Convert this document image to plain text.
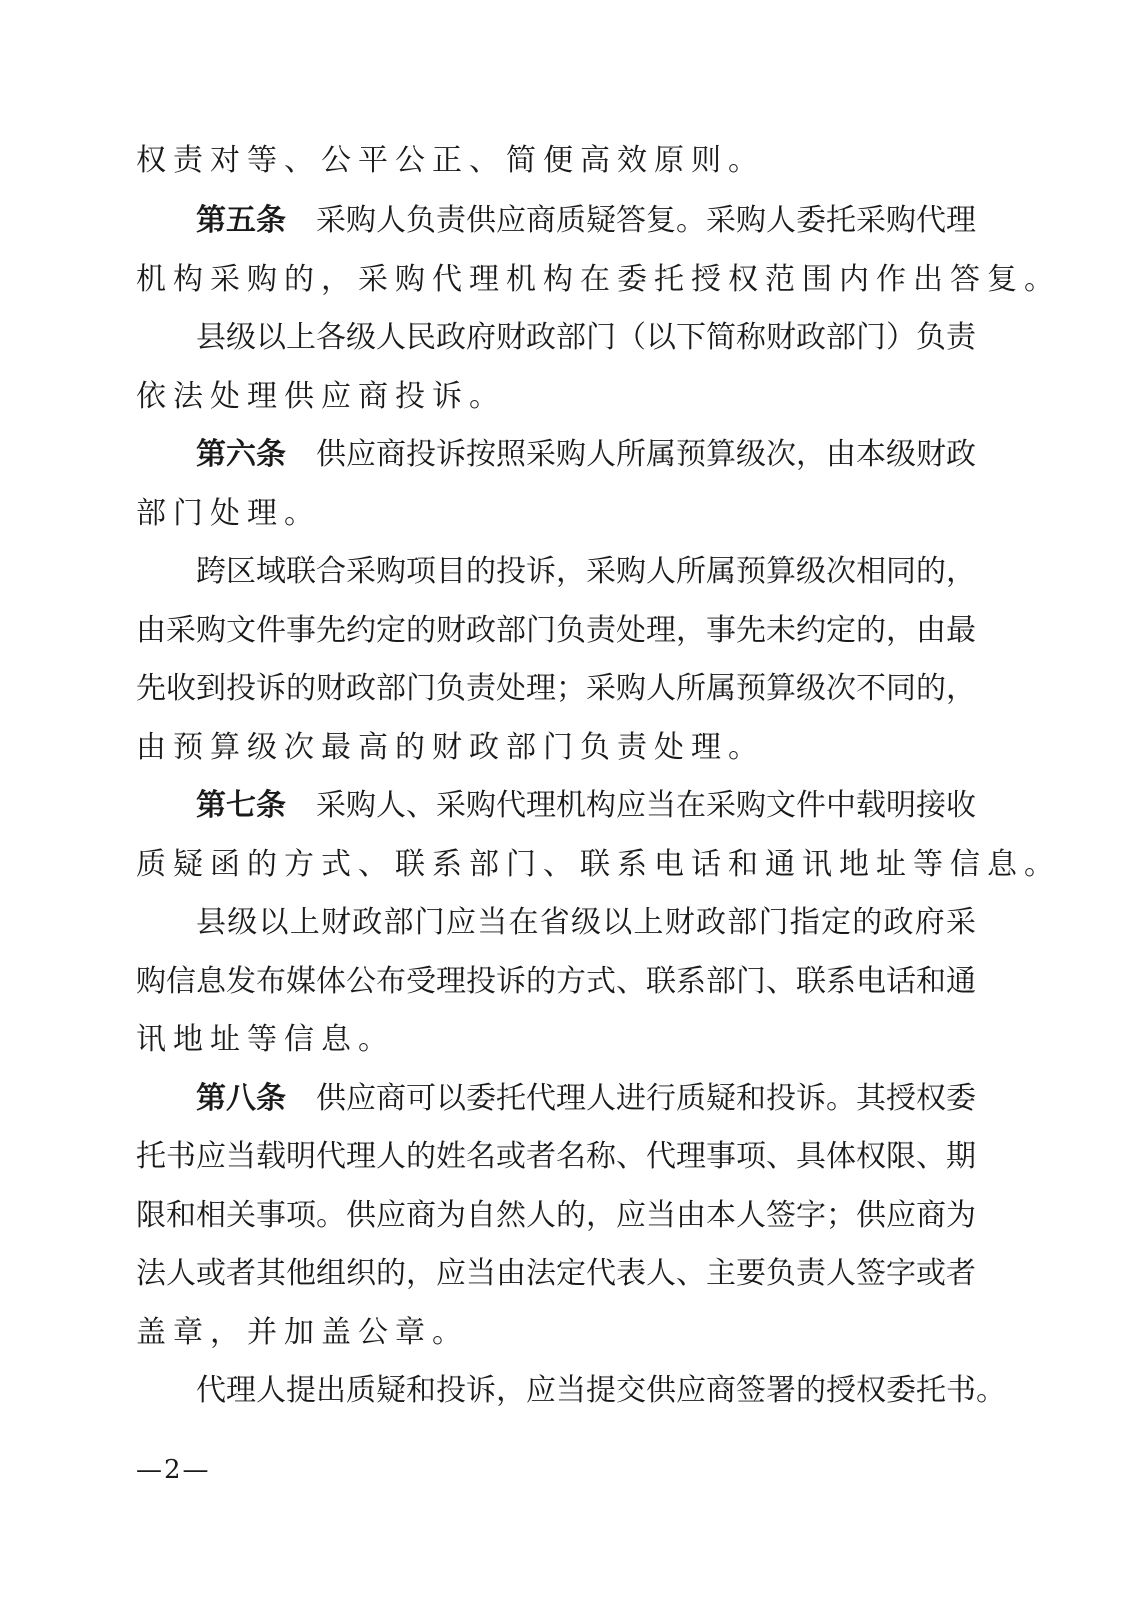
权责对等、公平公正、简便高效原则。
第五条 采购人负责供应商质疑答复。采购人委托采购代理
机构采购的，采购代理机构在委托授权范围内作出答复。
县级以上各级人民政府财政部门（以下简称财政部门）负责
依法处理供应商投诉。
第六条 供应商投诉按照采购人所属预算级次，由本级财政
部门处理。
跨区域联合采购项目的投诉，采购人所属预算级次相同的，
由采购文件事先约定的财政部门负责处理，事先未约定的，由最
先收到投诉的财政部门负责处理；采购人所属预算级次不同的，
由预算级次最高的财政部门负责处理。
第七条 采购人、采购代理机构应当在采购文件中载明接收
质疑函的方式、联系部门、联系电话和通讯地址等信息。
县级以上财政部门应当在省级以上财政部门指定的政府采
购信息发布媒体公布受理投诉的方式、联系部门、联系电话和通
讯地址等信息。
第八条 供应商可以委托代理人进行质疑和投诉。其授权委
托书应当载明代理人的姓名或者名称、代理事项、具体权限、期
限和相关事项。供应商为自然人的，应当由本人签字；供应商为
法人或者其他组织的，应当由法定代表人、主要负责人签字或者
盖章，并加盖公章。
代理人提出质疑和投诉，应当提交供应商签署的授权委托书。
—2—
